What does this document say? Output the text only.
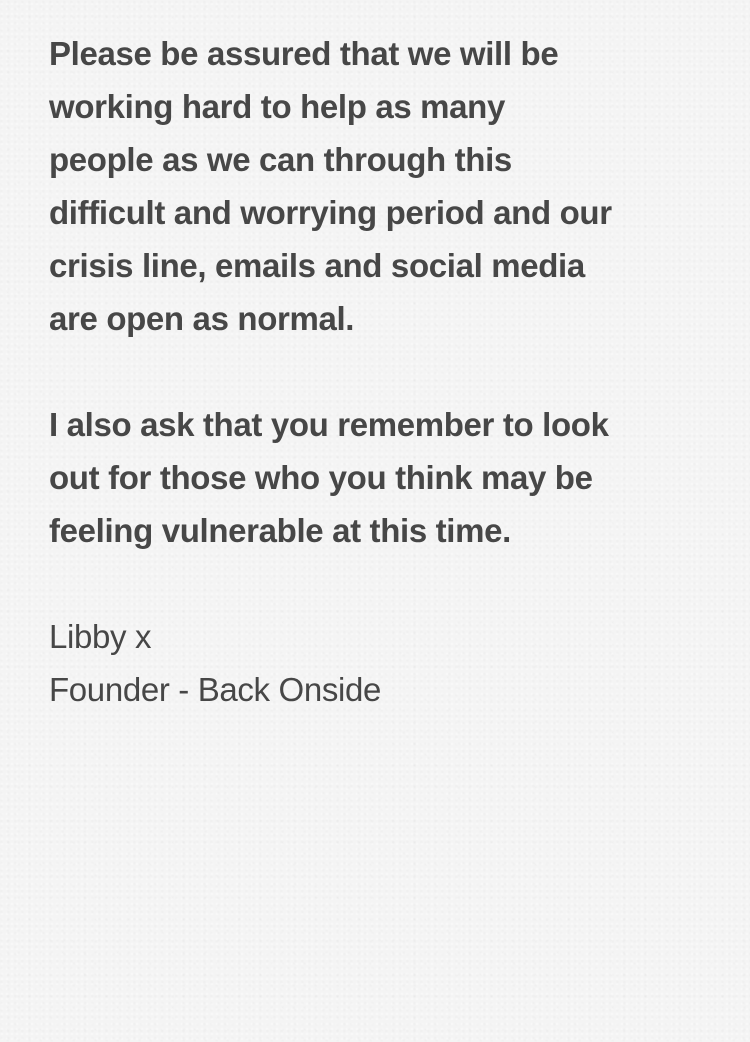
Please be assured that we will be
working hard to help as many
people as we can through this
difficult and worrying period and our
crisis line, emails and social media
are open as normal.

I also ask that you remember to look
out for those who you think may be
feeling vulnerable at this time.

Libby x
Founder - Back Onside
